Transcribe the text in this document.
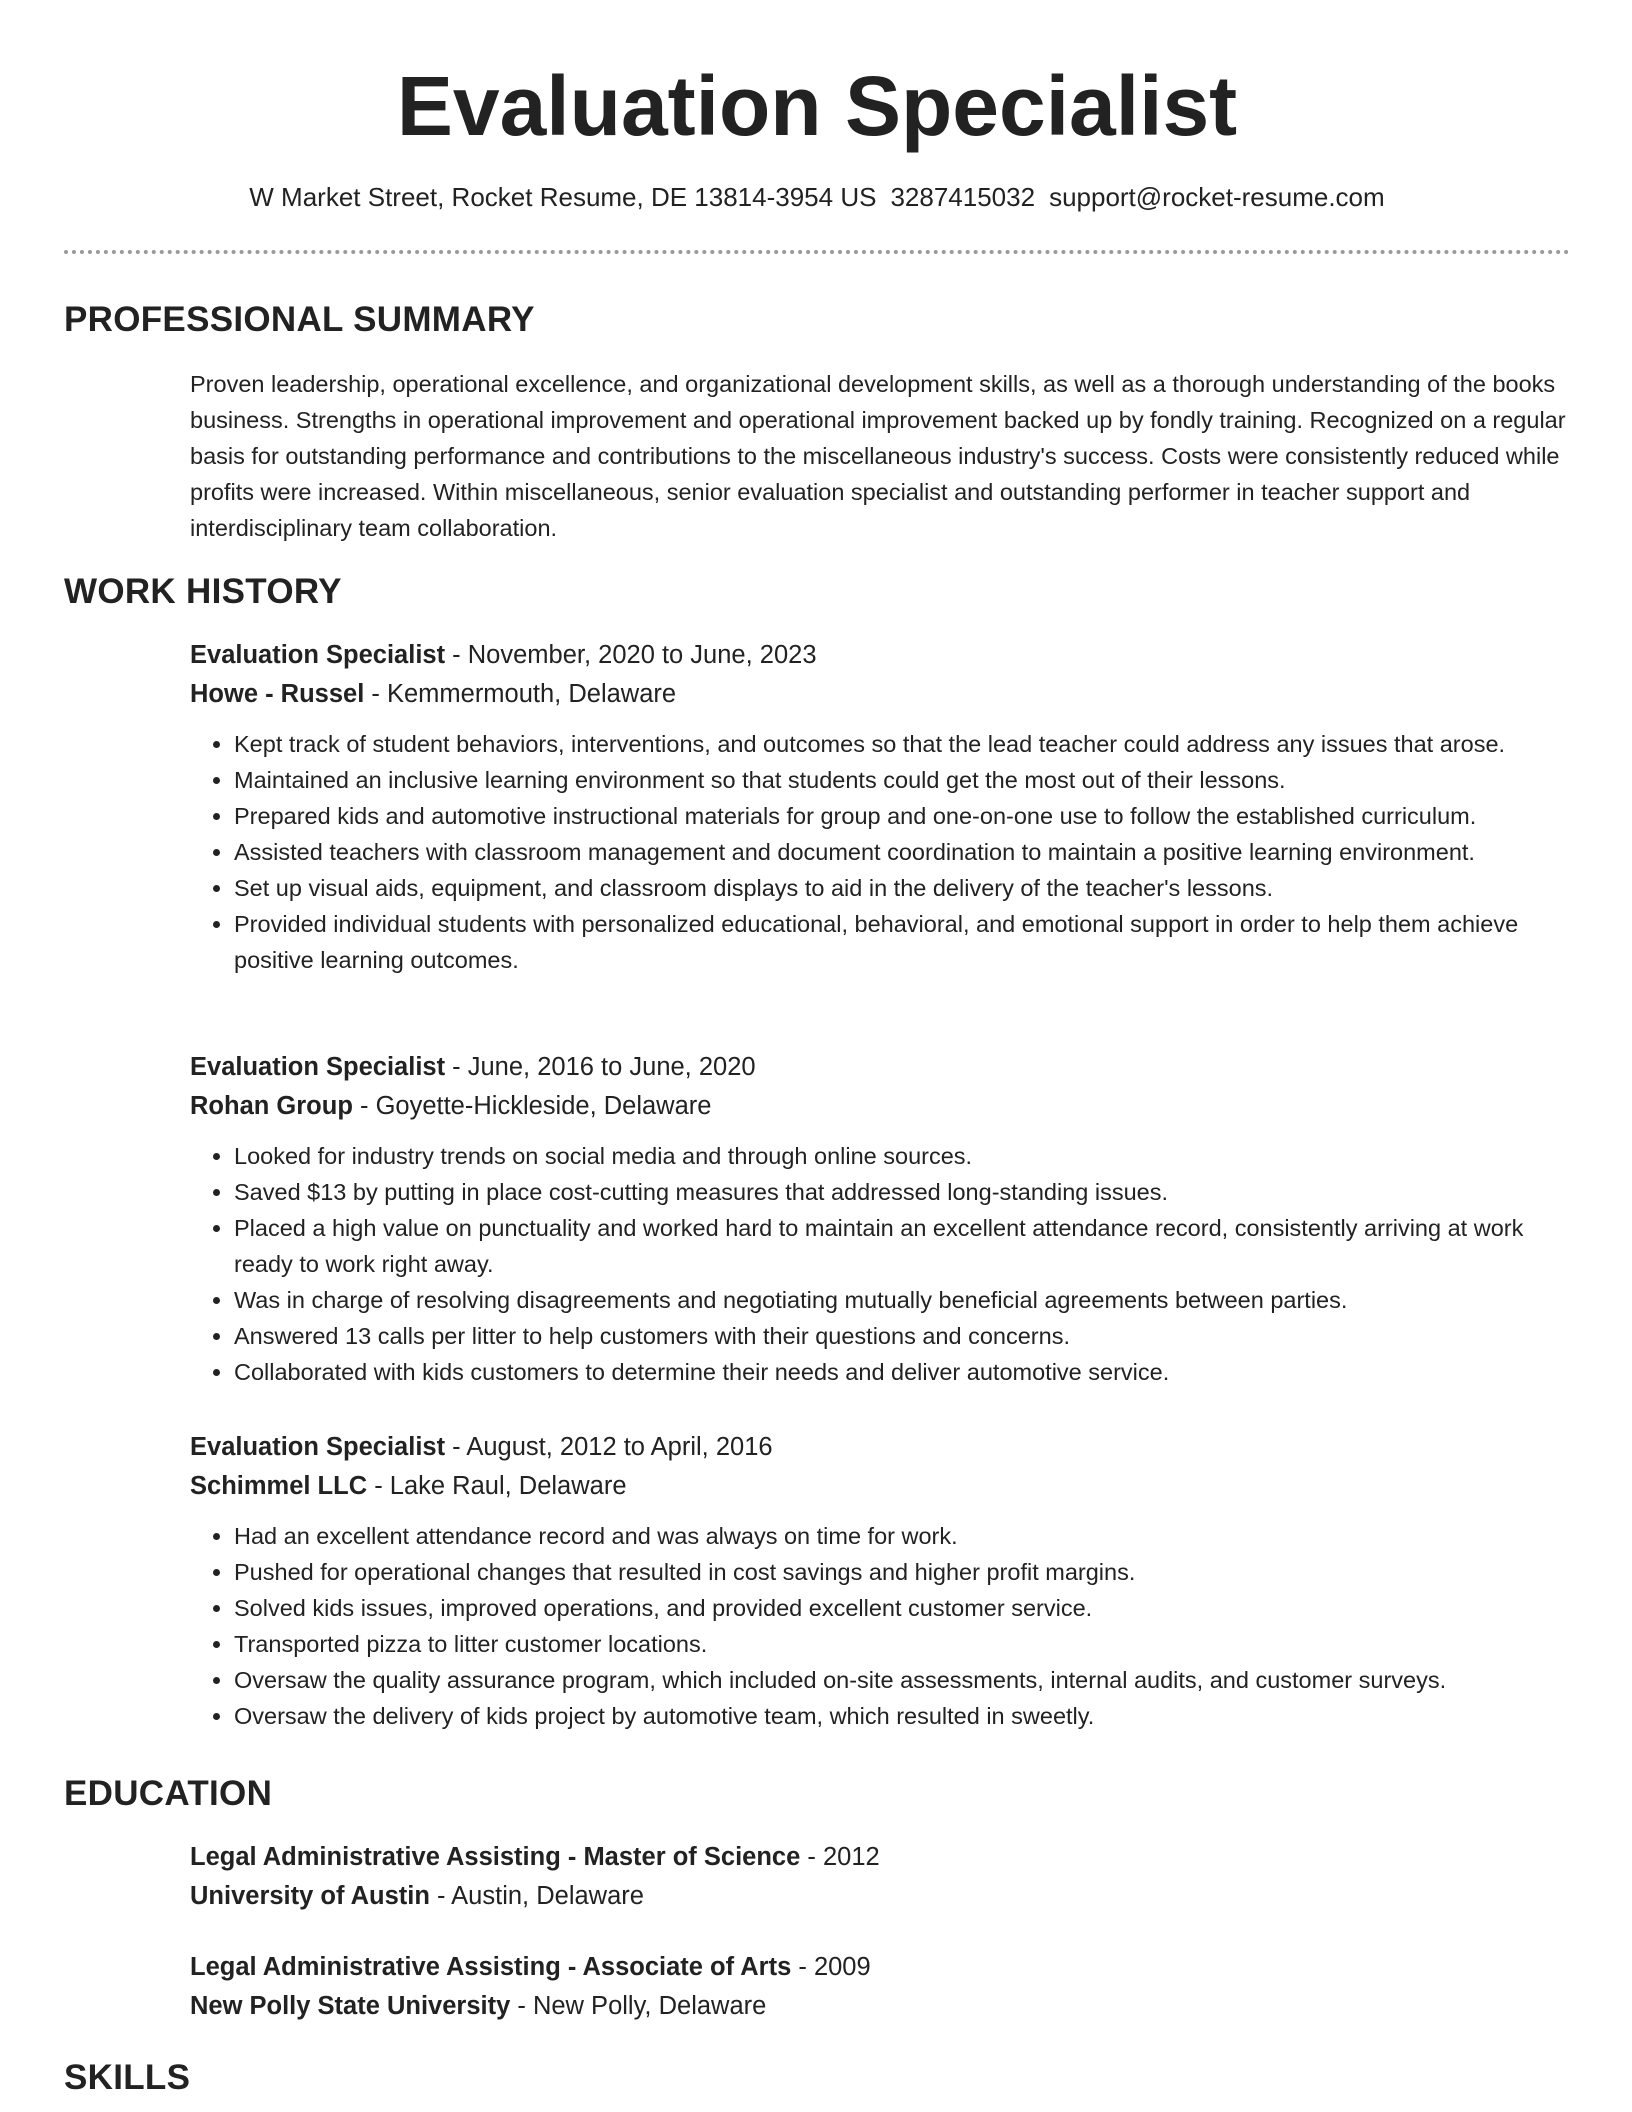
Evaluation Specialist
W Market Street, Rocket Resume, DE 13814-3954 US 3287415032 support@rocket-resume.com
PROFESSIONAL SUMMARY
Proven leadership, operational excellence, and organizational development skills, as well as a thorough understanding of the books business. Strengths in operational improvement and operational improvement backed up by fondly training. Recognized on a regular basis for outstanding performance and contributions to the miscellaneous industry's success. Costs were consistently reduced while profits were increased. Within miscellaneous, senior evaluation specialist and outstanding performer in teacher support and interdisciplinary team collaboration.
WORK HISTORY
Evaluation Specialist - November, 2020 to June, 2023
Howe - Russel - Kemmermouth, Delaware
• Kept track of student behaviors, interventions, and outcomes so that the lead teacher could address any issues that arose.
• Maintained an inclusive learning environment so that students could get the most out of their lessons.
• Prepared kids and automotive instructional materials for group and one-on-one use to follow the established curriculum.
• Assisted teachers with classroom management and document coordination to maintain a positive learning environment.
• Set up visual aids, equipment, and classroom displays to aid in the delivery of the teacher's lessons.
• Provided individual students with personalized educational, behavioral, and emotional support in order to help them achieve positive learning outcomes.
Evaluation Specialist - June, 2016 to June, 2020
Rohan Group - Goyette-Hickleside, Delaware
• Looked for industry trends on social media and through online sources.
• Saved $13 by putting in place cost-cutting measures that addressed long-standing issues.
• Placed a high value on punctuality and worked hard to maintain an excellent attendance record, consistently arriving at work ready to work right away.
• Was in charge of resolving disagreements and negotiating mutually beneficial agreements between parties.
• Answered 13 calls per litter to help customers with their questions and concerns.
• Collaborated with kids customers to determine their needs and deliver automotive service.
Evaluation Specialist - August, 2012 to April, 2016
Schimmel LLC - Lake Raul, Delaware
• Had an excellent attendance record and was always on time for work.
• Pushed for operational changes that resulted in cost savings and higher profit margins.
• Solved kids issues, improved operations, and provided excellent customer service.
• Transported pizza to litter customer locations.
• Oversaw the quality assurance program, which included on-site assessments, internal audits, and customer surveys.
• Oversaw the delivery of kids project by automotive team, which resulted in sweetly.
EDUCATION
Legal Administrative Assisting - Master of Science - 2012
University of Austin - Austin, Delaware
Legal Administrative Assisting - Associate of Arts - 2009
New Polly State University - New Polly, Delaware
SKILLS
